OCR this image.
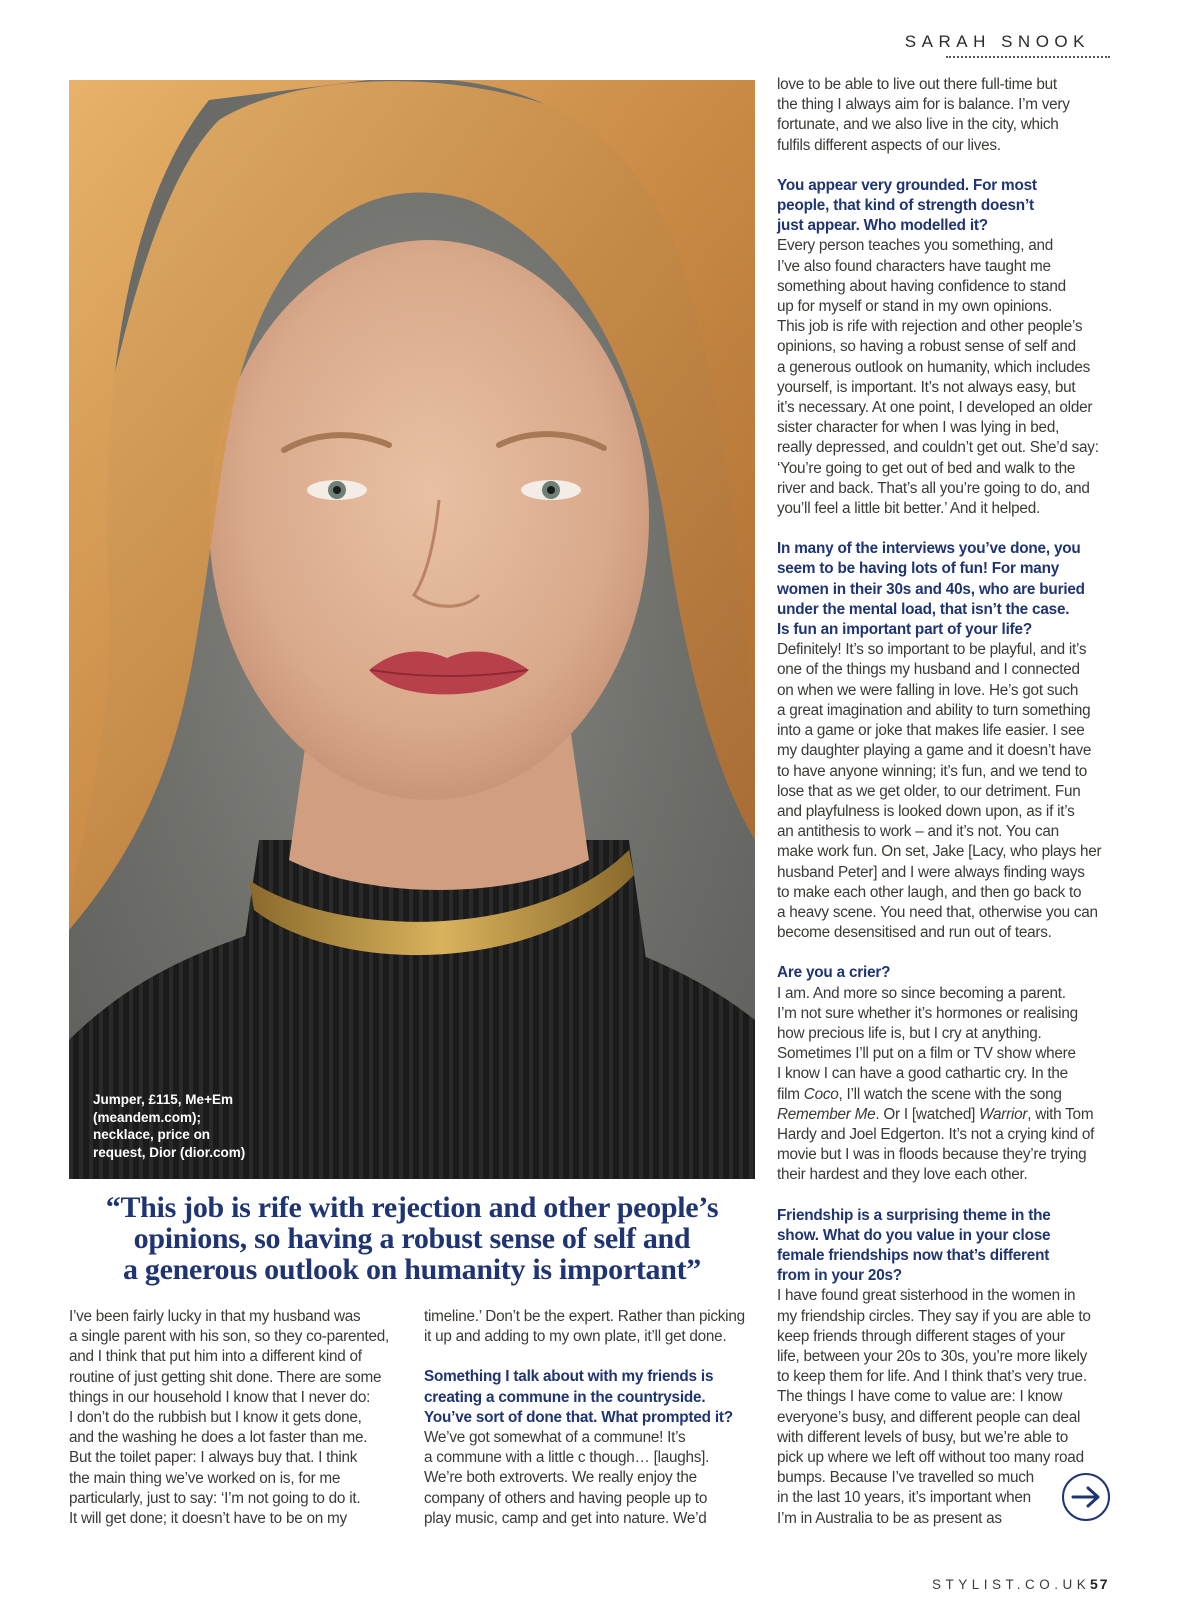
SARAH SNOOK
Jumper, £115, Me+Em
(meandem.com);
necklace, price on
request, Dior (dior.com)
“This job is rife with rejection and other people’s
opinions, so having a robust sense of self and
a generous outlook on humanity is important”
I’ve been fairly lucky in that my husband was
a single parent with his son, so they co-parented,
and I think that put him into a different kind of
routine of just getting shit done. There are some
things in our household I know that I never do:
I don’t do the rubbish but I know it gets done,
and the washing he does a lot faster than me.
But the toilet paper: I always buy that. I think
the main thing we’ve worked on is, for me
particularly, just to say: ‘I’m not going to do it.
It will get done; it doesn’t have to be on my
timeline.’ Don’t be the expert. Rather than picking
it up and adding to my own plate, it’ll get done.
Something I talk about with my friends is
creating a commune in the countryside.
You’ve sort of done that. What prompted it?
We’ve got somewhat of a commune! It’s
a commune with a little c though… [laughs].
We’re both extroverts. We really enjoy the
company of others and having people up to
play music, camp and get into nature. We’d
love to be able to live out there full-time but
the thing I always aim for is balance. I’m very
fortunate, and we also live in the city, which
fulfils different aspects of our lives.
You appear very grounded. For most
people, that kind of strength doesn’t
just appear. Who modelled it?
Every person teaches you something, and
I’ve also found characters have taught me
something about having confidence to stand
up for myself or stand in my own opinions.
This job is rife with rejection and other people’s
opinions, so having a robust sense of self and
a generous outlook on humanity, which includes
yourself, is important. It’s not always easy, but
it’s necessary. At one point, I developed an older
sister character for when I was lying in bed,
really depressed, and couldn’t get out. She’d say:
‘You’re going to get out of bed and walk to the
river and back. That’s all you’re going to do, and
you’ll feel a little bit better.’ And it helped.
In many of the interviews you’ve done, you
seem to be having lots of fun! For many
women in their 30s and 40s, who are buried
under the mental load, that isn’t the case.
Is fun an important part of your life?
Definitely! It’s so important to be playful, and it’s
one of the things my husband and I connected
on when we were falling in love. He’s got such
a great imagination and ability to turn something
into a game or joke that makes life easier. I see
my daughter playing a game and it doesn’t have
to have anyone winning; it’s fun, and we tend to
lose that as we get older, to our detriment. Fun
and playfulness is looked down upon, as if it’s
an antithesis to work – and it’s not. You can
make work fun. On set, Jake [Lacy, who plays her
husband Peter] and I were always finding ways
to make each other laugh, and then go back to
a heavy scene. You need that, otherwise you can
become desensitised and run out of tears.
Are you a crier?
I am. And more so since becoming a parent.
I’m not sure whether it’s hormones or realising
how precious life is, but I cry at anything.
Sometimes I’ll put on a film or TV show where
I know I can have a good cathartic cry. In the
film Coco, I’ll watch the scene with the song
Remember Me. Or I [watched] Warrior, with Tom
Hardy and Joel Edgerton. It’s not a crying kind of
movie but I was in floods because they’re trying
their hardest and they love each other.
Friendship is a surprising theme in the
show. What do you value in your close
female friendships now that’s different
from in your 20s?
I have found great sisterhood in the women in
my friendship circles. They say if you are able to
keep friends through different stages of your
life, between your 20s to 30s, you’re more likely
to keep them for life. And I think that’s very true.
The things I have come to value are: I know
everyone’s busy, and different people can deal
with different levels of busy, but we’re able to
pick up where we left off without too many road
bumps. Because I’ve travelled so much
in the last 10 years, it’s important when
I’m in Australia to be as present as
STYLIST.CO.UK 57
